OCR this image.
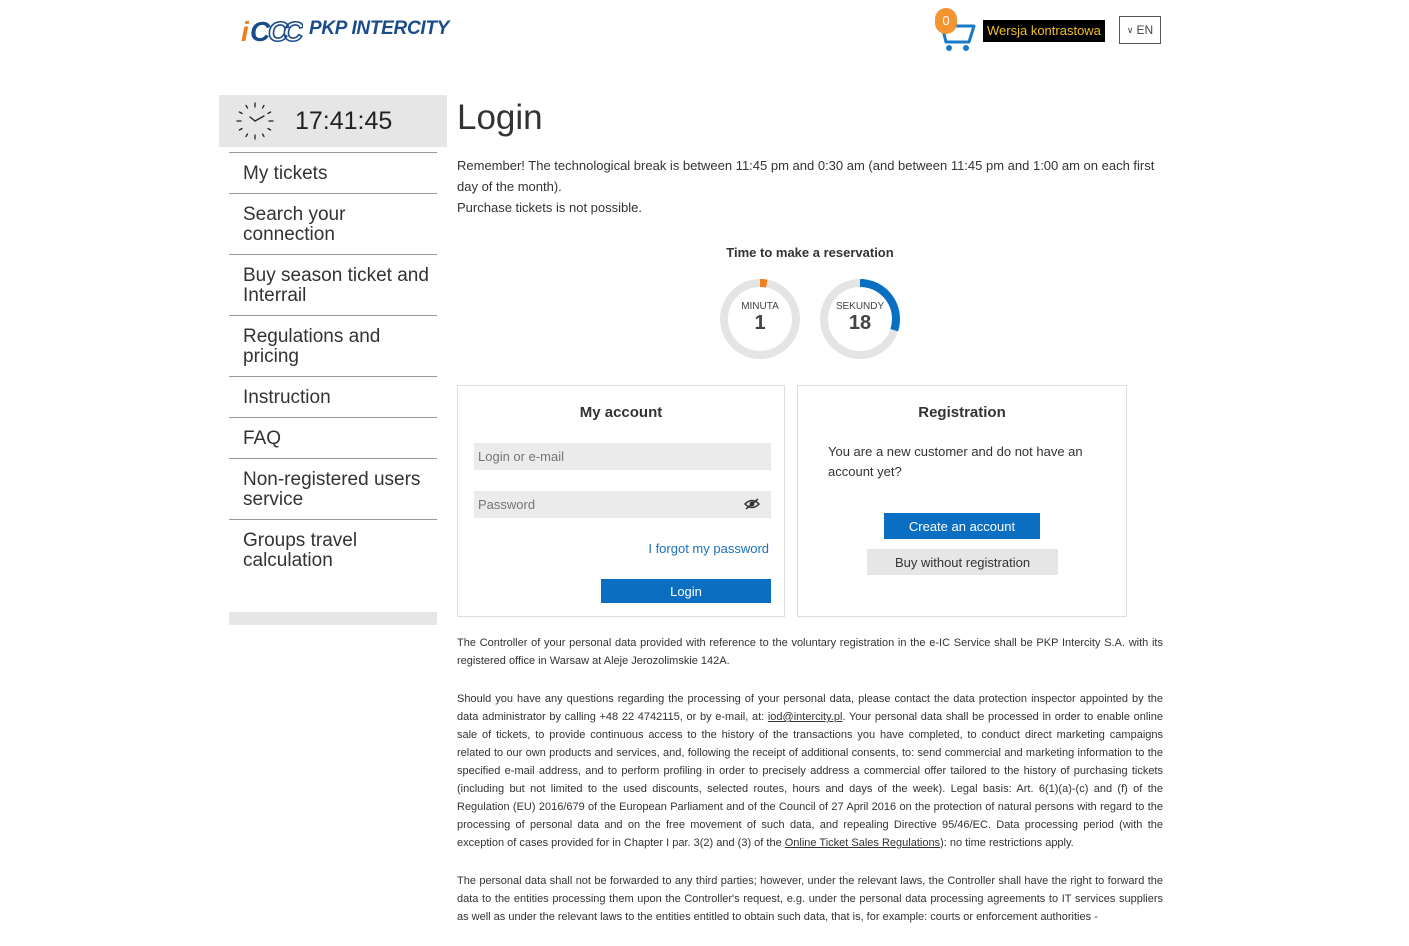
i C
C
C PKP INTERCITY	0
Wersja kontrastowa	∨ EN
17:41:45
My tickets
Search your connection
Buy season ticket and Interrail
Regulations and pricing
Instruction
FAQ
Non-registered users service
Groups travel calculation
Login

Remember! The technological break is between 11:45 pm and 0:30 am (and between 11:45 pm and 1:00 am on each first day of the month).

Purchase tickets is not possible.

Time to make a reservation
MINUTA
1
SEKUNDY
18
My account
Login or e-mail
I forgot my password
Login
Registration
You are a new customer and do not have an account yet?
Create an account
Buy without registration

The Controller of your personal data provided with reference to the voluntary registration in the e-IC Service shall be PKP Intercity S.A. with its registered office in Warsaw at Aleje Jerozolimskie 142A.

Should you have any questions regarding the processing of your personal data, please contact the data protection inspector appointed by the data administrator by calling +48 22 4742115, or by e-mail, at: iod@intercity.pl. Your personal data shall be processed in order to enable online sale of tickets, to provide continuous access to the history of the transactions you have completed, to conduct direct marketing campaigns related to our own products and services, and, following the receipt of additional consents, to: send commercial and marketing information to the specified e-mail address, and to perform profiling in order to precisely address a commercial offer tailored to the history of purchasing tickets (including but not limited to the used discounts, selected routes, hours and days of the week). Legal basis: Art. 6(1)(a)-(c) and (f) of the Regulation (EU) 2016/679 of the European Parliament and of the Council of 27 April 2016 on the protection of natural persons with regard to the processing of personal data and on the free movement of such data, and repealing Directive 95/46/EC. Data processing period (with the exception of cases provided for in Chapter I par. 3(2) and (3) of the Online Ticket Sales Regulations): no time restrictions apply.

The personal data shall not be forwarded to any third parties; however, under the relevant laws, the Controller shall have the right to forward the data to the entities processing them upon the Controller's request, e.g. under the personal data processing agreements to IT services suppliers as well as under the relevant laws to the entities entitled to obtain such data, that is, for example: courts or enforcement authorities -
